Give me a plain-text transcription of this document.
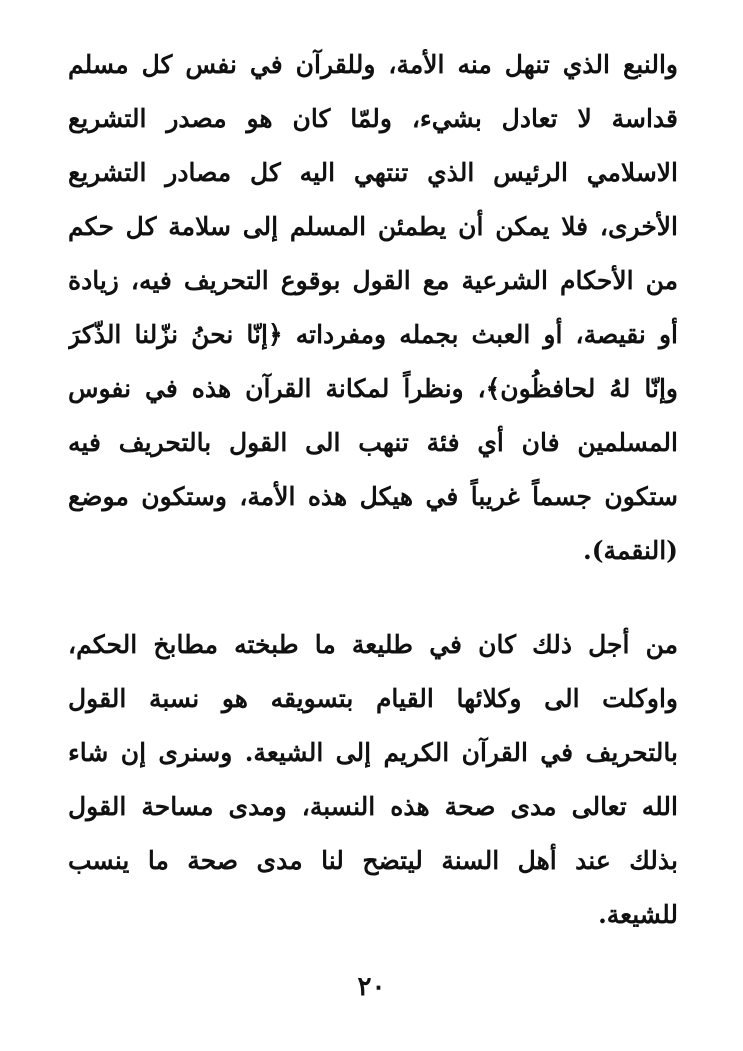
والنبع الذي تنهل منه الأمة، وللقرآن في نفس كل مسلم
قداسة لا تعادل بشيء، ولمّا كان هو مصدر التشريع
الاسلامي الرئيس الذي تنتهي اليه كل مصادر التشريع
الأخرى، فلا يمكن أن يطمئن المسلم إلى سلامة كل حكم
من الأحكام الشرعية مع القول بوقوع التحريف فيه، زيادة
أو نقيصة، أو العبث بجمله ومفرداته ﴿إنّا نحنُ نزّلنا الذّكرَ
وإنّا لهُ لحافظُون﴾، ونظراً لمكانة القرآن هذه في نفوس
المسلمين فان أي فئة تنهب الى القول بالتحريف فيه
ستكون جسماً غريباً في هيكل هذه الأمة، وستكون موضع
(النقمة).
من أجل ذلك كان في طليعة ما طبخته مطابخ الحكم،
واوكلت الى وكلائها القيام بتسويقه هو نسبة القول
بالتحريف في القرآن الكريم إلى الشيعة. وسنرى إن شاء
الله تعالى مدى صحة هذه النسبة، ومدى مساحة القول
بذلك عند أهل السنة ليتضح لنا مدى صحة ما ينسب
للشيعة.
٢٠
